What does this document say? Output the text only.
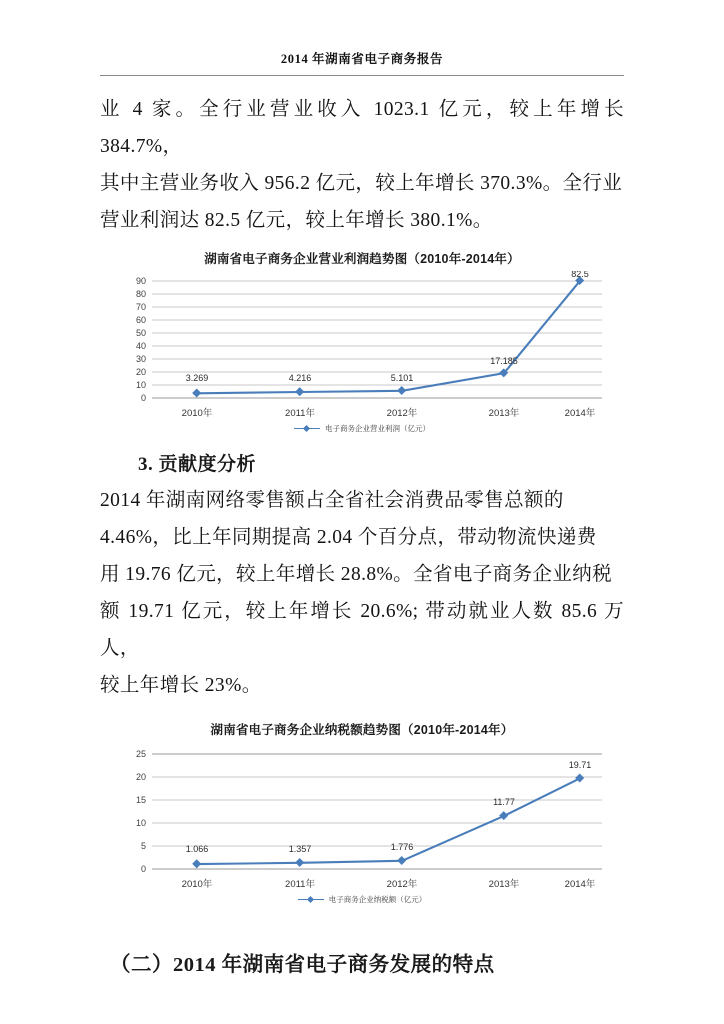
2014 年湖南省电子商务报告

业 4 家。全行业营业收入 1023.1 亿元，较上年增长 384.7%，
其中主营业务收入 956.2 亿元，较上年增长 370.3%。全行业
营业利润达 82.5 亿元，较上年增长 380.1%。

湖南省电子商务企业营业利润趋势图（2010年-2014年）
90
80
70
60
50
40
30
20
10
0
3.269	4.216	5.101
17.185
82.5
2010年	2011年	2012年	2013年	2014年
电子商务企业营业利润（亿元）
3. 贡献度分析

2014 年湖南网络零售额占全省社会消费品零售总额的
4.46%，比上年同期提高 2.04 个百分点，带动物流快递费
用 19.76 亿元，较上年增长 28.8%。全省电子商务企业纳税
额 19.71 亿元，较上年增长 20.6%; 带动就业人数 85.6 万人，
较上年增长 23%。

湖南省电子商务企业纳税额趋势图（2010年-2014年）
25
20
15
10
5
0
1.066	1.357	1.776
11.77
19.71
2010年	2011年	2012年	2013年	2014年
电子商务企业纳税额（亿元）
（二）2014 年湖南省电子商务发展的特点
